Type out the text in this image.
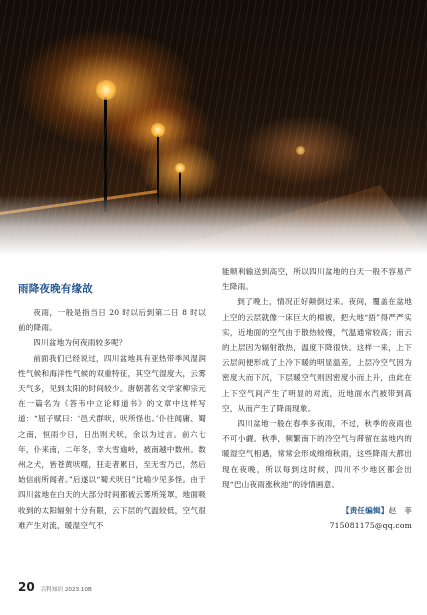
雨降夜晚有缘故

夜雨，一般是指当日 20 时以后到第二日 8 时以前的降雨。

四川盆地为何夜雨较多呢？

前面我们已经说过，四川盆地具有亚热带季风湿润性气候和海洋性气候的双重特征，其空气湿度大，云雾天气多，见到太阳的时间较少。唐朝著名文学家柳宗元在一篇名为《答韦中立论师道书》的文章中这样写道：“屈子赋曰：‘邑犬群吠，吠所怪也。’仆往闻庸、蜀之南，恒雨少日，日出则犬吠，余以为过言。前六七年，仆来南，二年冬，幸大雪逾岭，被南越中数州。数州之犬，皆苍黄吠噬，狂走者累日，至无雪乃已，然后始信前所闻者。”后遂以“蜀犬吠日”比喻少见多怪。由于四川盆地在白天的大部分时间都被云雾所笼罩，地面吸收到的太阳辐射十分有限，云下层的气温较低，空气很难产生对流，暖湿空气不

能顺利输送到高空，所以四川盆地的白天一般不容易产生降雨。

到了晚上，情况正好颠倒过来。夜间，覆盖在盆地上空的云层就像一床巨大的棉被，把大地“捂”得严严实实，近地面的空气由于散热较慢，气温通常较高；而云的上层因为辐射散热，温度下降很快。这样一来，上下云层间便形成了上冷下暖的明显温差，上层冷空气因为密度大而下沉，下层暖空气则因密度小而上升，由此在上下空气间产生了明显的对流，近地面水汽被带到高空，从而产生了降雨现象。

四川盆地一般在春季多夜雨，不过，秋季的夜雨也不可小觑。秋季，频繁南下的冷空气与滞留在盆地内的暖湿空气相遇，常常会形成绵绵秋雨，这些降雨大都出现在夜晚，所以每到这时候，四川不少地区都会出现“巴山夜雨涨秋池”的诗情画意。

【责任编辑】赵　菲
715081175@qq.com
20 百科知识 2023.10B
